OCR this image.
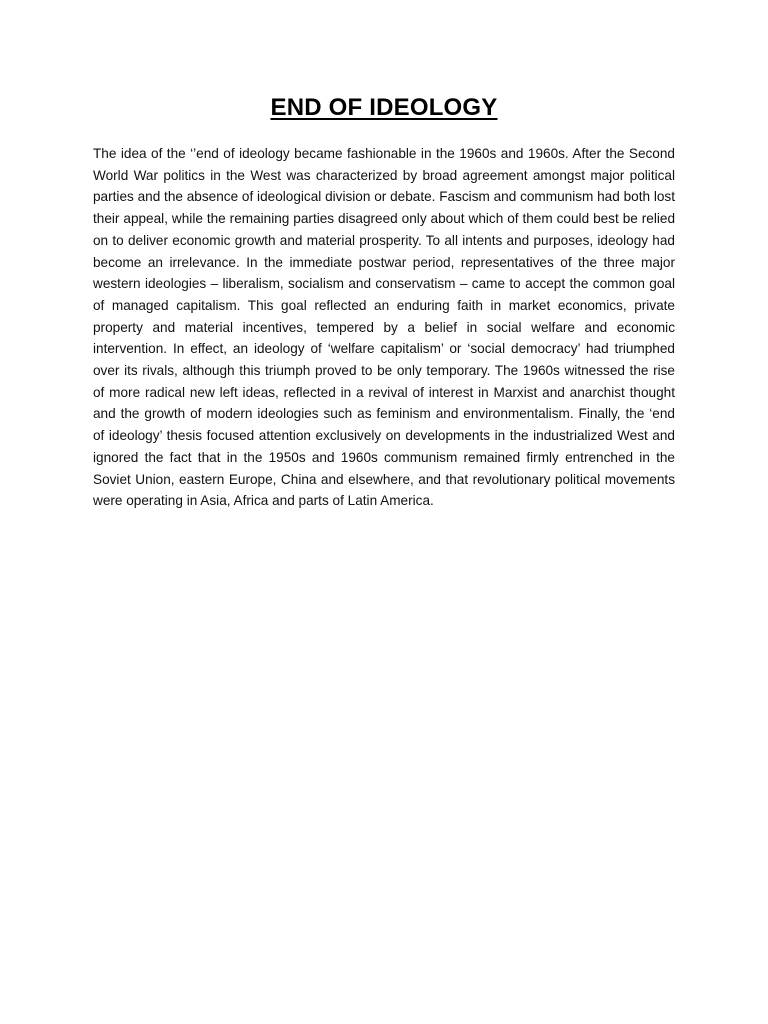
END OF IDEOLOGY

The idea of the ‘’end of ideology became fashionable in the 1960s and 1960s. After the Second World War politics in the West was characterized by broad agreement amongst major political parties and the absence of ideological division or debate. Fascism and communism had both lost their appeal, while the remaining parties disagreed only about which of them could best be relied on to deliver economic growth and material prosperity. To all intents and purposes, ideology had become an irrelevance. In the immediate postwar period, representatives of the three major western ideologies – liberalism, socialism and conservatism – came to accept the common goal of managed capitalism. This goal reflected an enduring faith in market economics, private property and material incentives, tempered by a belief in social welfare and economic intervention. In effect, an ideology of ‘welfare capitalism’ or ‘social democracy’ had triumphed over its rivals, although this triumph proved to be only temporary. The 1960s witnessed the rise of more radical new left ideas, reflected in a revival of interest in Marxist and anarchist thought and the growth of modern ideologies such as feminism and environmentalism. Finally, the ‘end of ideology’ thesis focused attention exclusively on developments in the industrialized West and ignored the fact that in the 1950s and 1960s communism remained firmly entrenched in the Soviet Union, eastern Europe, China and elsewhere, and that revolutionary political movements were operating in Asia, Africa and parts of Latin America.
